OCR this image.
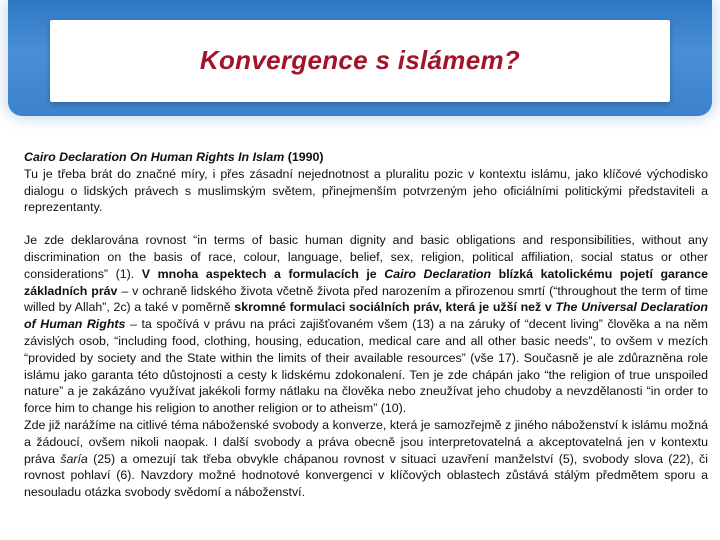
Konvergence s islámem?

Cairo Declaration On Human Rights In Islam (1990)
Tu je třeba brát do značné míry, i přes zásadní nejednotnost a pluralitu pozic v kontextu islámu, jako klíčové východisko dialogu o lidských právech s muslimským světem, přinejmenším potvrzeným jeho oficiálními politickými představiteli a reprezentanty.

Je zde deklarována rovnost “in terms of basic human dignity and basic obligations and responsibilities, without any discrimination on the basis of race, colour, language, belief, sex, religion, political affiliation, social status or other considerations” (1). V mnoha aspektech a formulacích je Cairo Declaration blízká katolickému pojetí garance základních práv – v ochraně lidského života včetně života před narozením a přirozenou smrtí (“throughout the term of time willed by Allah”, 2c) a také v poměrně skromné formulaci sociálních práv, která je užší než v The Universal Declaration of Human Rights – ta spočívá v právu na práci zajišťovaném všem (13) a na záruky of “decent living” člověka a na něm závislých osob, “including food, clothing, housing, education, medical care and all other basic needs”, to ovšem v mezích “provided by society and the State within the limits of their available resources” (vše 17). Současně je ale zdůrazněna role islámu jako garanta této důstojnosti a cesty k lidskému zdokonalení. Ten je zde chápán jako “the religion of true unspoiled nature” a je zakázáno využívat jakékoli formy nátlaku na člověka nebo zneužívat jeho chudoby a nevzdělanosti “in order to force him to change his religion to another religion or to atheism” (10).

Zde již narážíme na citlivé téma náboženské svobody a konverze, která je samozřejmě z jiného náboženství k islámu možná a žádoucí, ovšem nikoli naopak. I další svobody a práva obecně jsou interpretovatelná a akceptovatelná jen v kontextu práva šaría (25) a omezují tak třeba obvykle chápanou rovnost v situaci uzavření manželství (5), svobody slova (22), či rovnost pohlaví (6). Navzdory možné hodnotové konvergenci v klíčových oblastech zůstává stálým předmětem sporu a nesouladu otázka svobody svědomí a náboženství.
